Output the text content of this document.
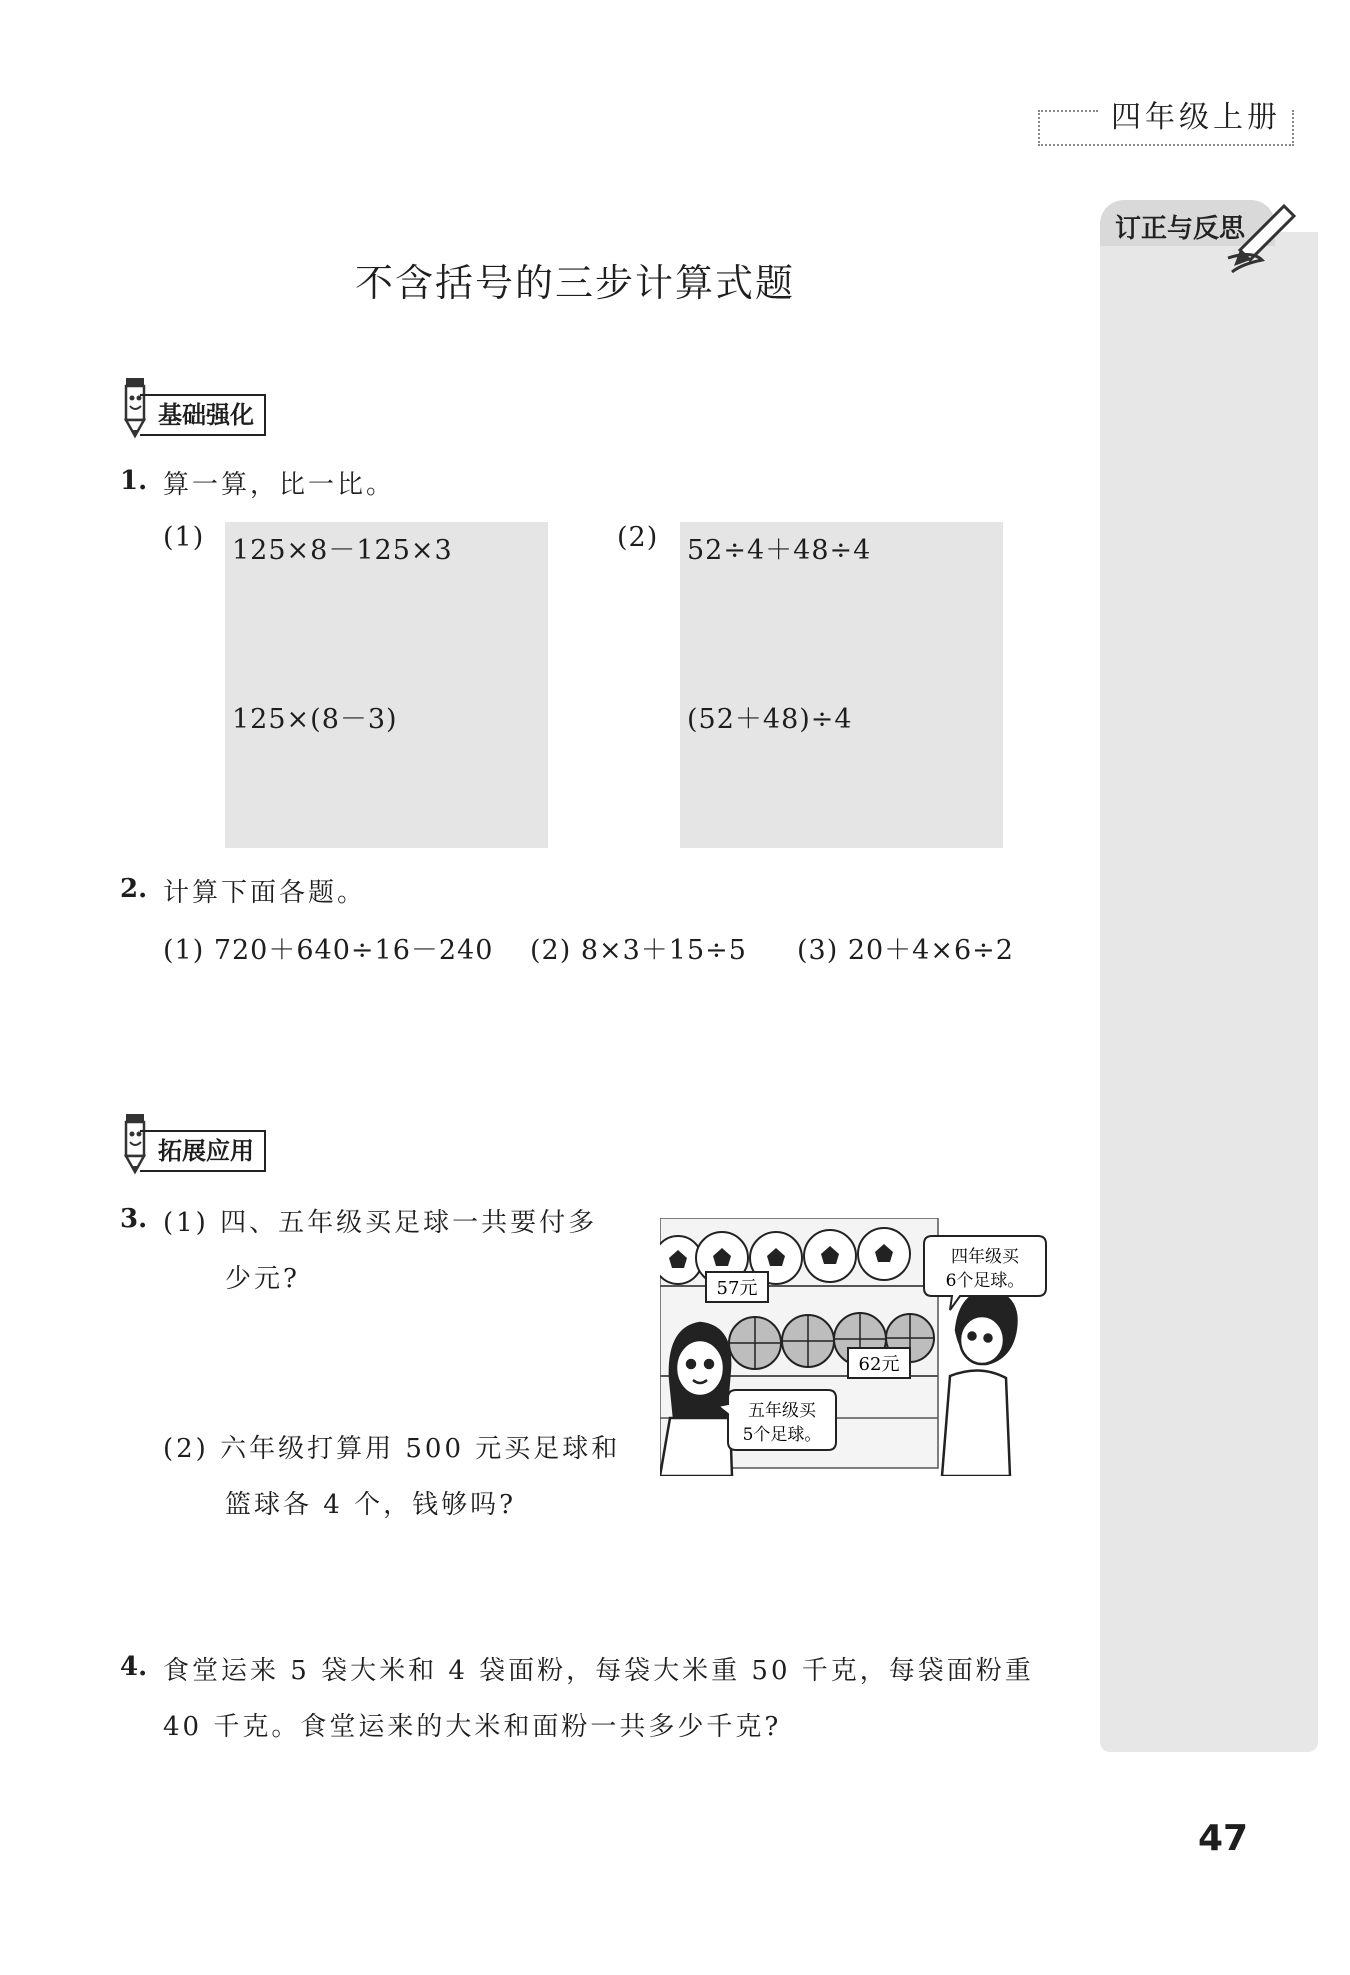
四年级上册
订正与反思
不含括号的三步计算式题
基础强化
1. 算一算，比一比。
(1) 125×8－125×3
125×(8－3)
(2) 52÷4＋48÷4
(52＋48)÷4
2. 计算下面各题。
(1) 720＋640÷16－240 (2) 8×3＋15÷5 (3) 20＋4×6÷2
拓展应用
3. (1) 四、五年级买足球一共要付多
少元?
(2) 六年级打算用 500 元买足球和
篮球各 4 个，钱够吗?
57元
62元
四年级买
6个足球。
五年级买
5个足球。
4. 食堂运来 5 袋大米和 4 袋面粉，每袋大米重 50 千克，每袋面粉重
40 千克。食堂运来的大米和面粉一共多少千克?
47
